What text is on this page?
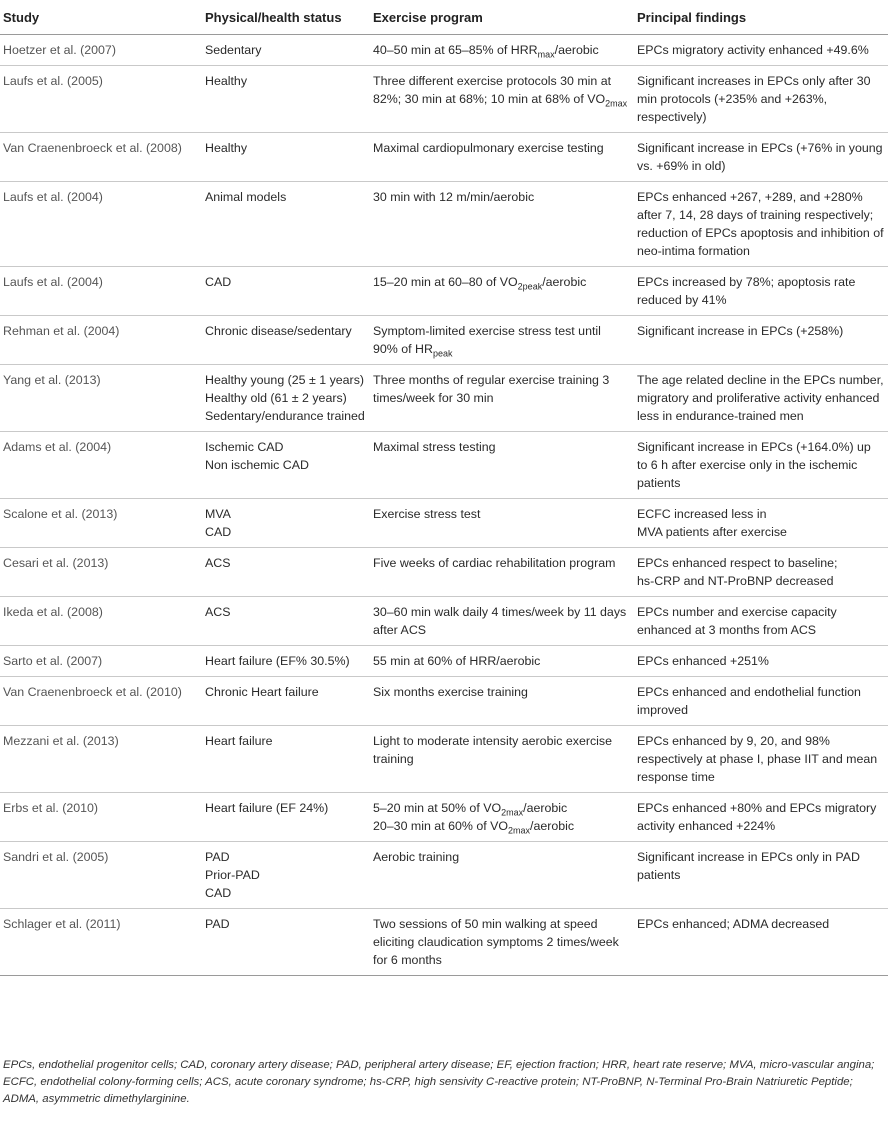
Study	Physical/health status	Exercise program	Principal findings
Hoetzer et al. (2007)	Sedentary	40–50 min at 65–85% of $HRR_{max}$/aerobic	EPCs migratory activity enhanced +49.6%

Laufs et al. (2005)	Healthy	Three different exercise protocols 30 min at 82%; 30 min at 68%; 10 min at 68% of $VO_{2max}$	Significant increases in EPCs only after 30 min protocols (+235% and +263%, respectively)

Van Craenenbroeck et al. (2008)	Healthy	Maximal cardiopulmonary exercise testing	Significant increase in EPCs (+76% in young vs. +69% in old)

Laufs et al. (2004)	Animal models	30 min with 12 m/min/aerobic	EPCs enhanced +267, +289, and +280% after 7, 14, 28 days of training respectively; reduction of EPCs apoptosis and inhibition of neo-intima formation

Laufs et al. (2004)	CAD	15–20 min at 60–80 of $VO_{2peak}$/aerobic	EPCs increased by 78%; apoptosis rate reduced by 41%

Rehman et al. (2004)	Chronic disease/sedentary	Symptom-limited exercise stress test until 90% of $HR_{peak}$	Significant increase in EPCs (+258%)

Yang et al. (2013)	Healthy young (25 ± 1 years)
Healthy old (61 ± 2 years)
Sedentary/endurance trained	Three months of regular exercise training 3 times/week for 30 min	The age related decline in the EPCs number, migratory and proliferative activity enhanced less in endurance-trained men

Adams et al. (2004)	Ischemic CAD
Non ischemic CAD	Maximal stress testing	Significant increase in EPCs (+164.0%) up to 6 h after exercise only in the ischemic patients

Scalone et al. (2013)	MVA
CAD	Exercise stress test	ECFC increased less in
MVA patients after exercise

Cesari et al. (2013)	ACS	Five weeks of cardiac rehabilitation program	EPCs enhanced respect to baseline;
hs-CRP and NT-ProBNP decreased

Ikeda et al. (2008)	ACS	30–60 min walk daily 4 times/week by 11 days after ACS	EPCs number and exercise capacity enhanced at 3 months from ACS

Sarto et al. (2007)	Heart failure (EF% 30.5%)	55 min at 60% of HRR/aerobic	EPCs enhanced +251%

Van Craenenbroeck et al. (2010)	Chronic Heart failure	Six months exercise training	EPCs enhanced and endothelial function improved

Mezzani et al. (2013)	Heart failure	Light to moderate intensity aerobic exercise training	EPCs enhanced by 9, 20, and 98% respectively at phase I, phase IIT and mean response time

Erbs et al. (2010)	Heart failure (EF 24%)	5–20 min at 50% of $VO_{2max}$/aerobic
20–30 min at 60% of $VO_{2max}$/aerobic	EPCs enhanced +80% and EPCs migratory activity enhanced +224%

Sandri et al. (2005)	PAD
Prior-PAD
CAD	Aerobic training	Significant increase in EPCs only in PAD patients

Schlager et al. (2011)	PAD	Two sessions of 50 min walking at speed eliciting claudication symptoms 2 times/week for 6 months	EPCs enhanced; ADMA decreased
EPCs, endothelial progenitor cells; CAD, coronary artery disease; PAD, peripheral artery disease; EF, ejection fraction; HRR, heart rate reserve; MVA, micro-vascular angina; ECFC, endothelial colony-forming cells; ACS, acute coronary syndrome; hs-CRP, high sensivity C-reactive protein; NT-ProBNP, N-Terminal Pro-Brain Natriuretic Peptide; ADMA, asymmetric dimethylarginine.
